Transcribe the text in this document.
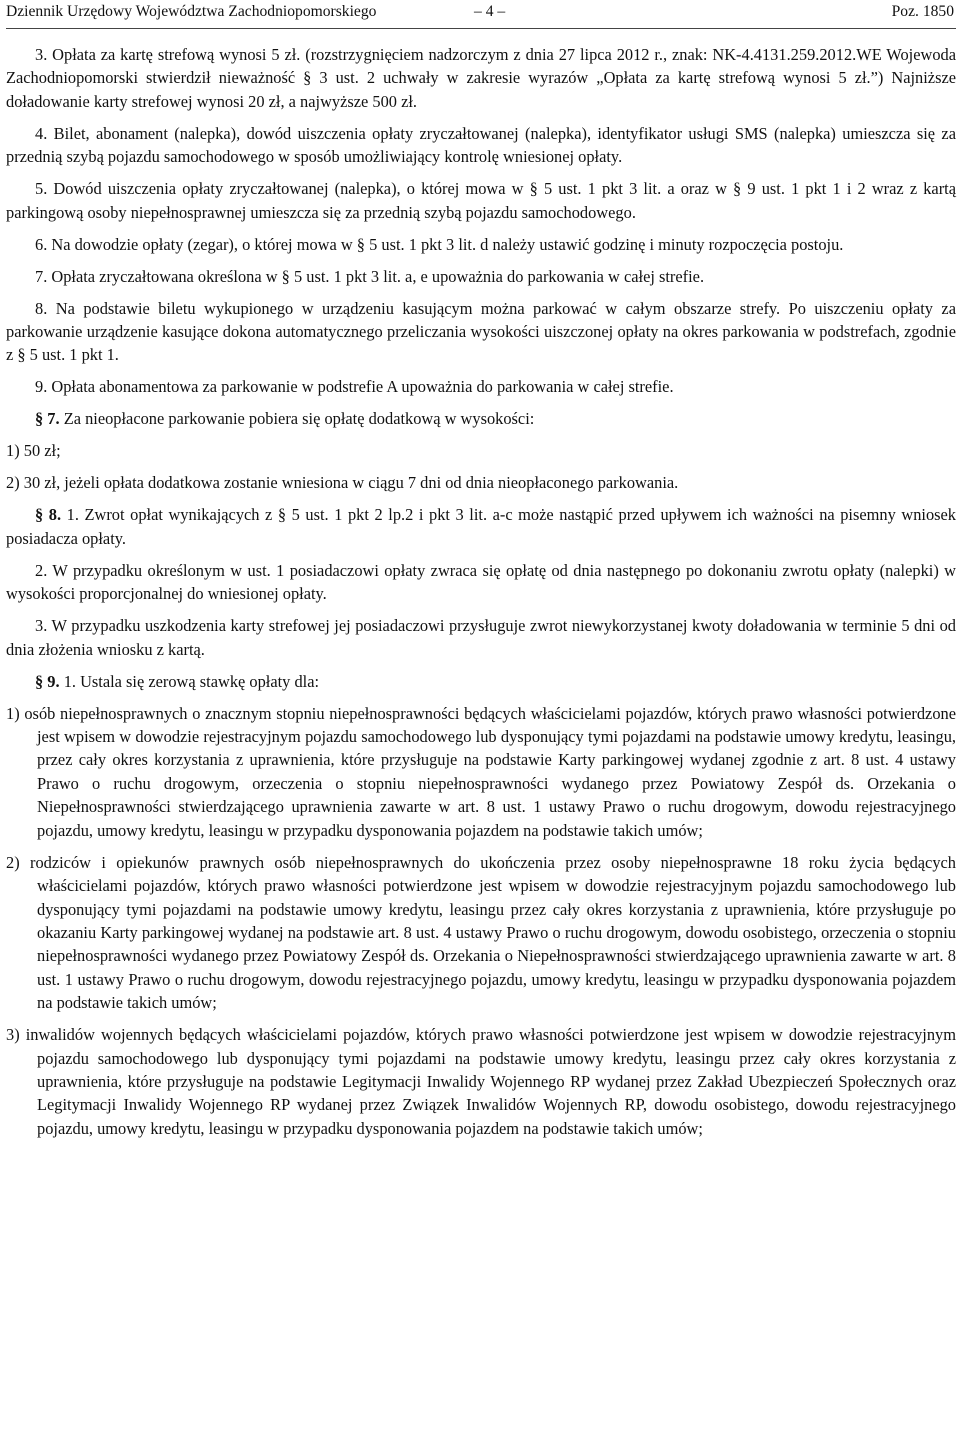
Dziennik Urzędowy Województwa Zachodniopomorskiego	– 4 –	Poz. 1850

3. Opłata za kartę strefową wynosi 5 zł. (rozstrzygnięciem nadzorczym z dnia 27 lipca 2012 r., znak: NK-4.4131.259.2012.WE Wojewoda Zachodniopomorski stwierdził nieważność § 3 ust. 2 uchwały w zakresie wyrazów „Opłata za kartę strefową wynosi 5 zł.”) Najniższe doładowanie karty strefowej wynosi 20 zł, a najwyższe 500 zł.

4. Bilet, abonament (nalepka), dowód uiszczenia opłaty zryczałtowanej (nalepka), identyfikator usługi SMS (nalepka) umieszcza się za przednią szybą pojazdu samochodowego w sposób umożliwiający kontrolę wniesionej opłaty.

5. Dowód uiszczenia opłaty zryczałtowanej (nalepka), o której mowa w § 5 ust. 1 pkt 3 lit. a oraz w § 9 ust. 1 pkt 1 i 2 wraz z kartą parkingową osoby niepełnosprawnej umieszcza się za przednią szybą pojazdu samochodowego.

6. Na dowodzie opłaty (zegar), o której mowa w § 5 ust. 1 pkt 3 lit. d należy ustawić godzinę i minuty rozpoczęcia postoju.

7. Opłata zryczałtowana określona w § 5 ust. 1 pkt 3 lit. a, e upoważnia do parkowania w całej strefie.

8. Na podstawie biletu wykupionego w urządzeniu kasującym można parkować w całym obszarze strefy. Po uiszczeniu opłaty za parkowanie urządzenie kasujące dokona automatycznego przeliczania wysokości uiszczonej opłaty na okres parkowania w podstrefach, zgodnie z § 5 ust. 1 pkt 1.

9. Opłata abonamentowa za parkowanie w podstrefie A upoważnia do parkowania w całej strefie.

§ 7. Za nieopłacone parkowanie pobiera się opłatę dodatkową w wysokości:

1) 50 zł;

2) 30 zł, jeżeli opłata dodatkowa zostanie wniesiona w ciągu 7 dni od dnia nieopłaconego parkowania.

§ 8. 1. Zwrot opłat wynikających z § 5 ust. 1 pkt 2 lp.2 i pkt 3 lit. a-c może nastąpić przed upływem ich ważności na pisemny wniosek posiadacza opłaty.

2. W przypadku określonym w ust. 1 posiadaczowi opłaty zwraca się opłatę od dnia następnego po dokonaniu zwrotu opłaty (nalepki) w wysokości proporcjonalnej do wniesionej opłaty.

3. W przypadku uszkodzenia karty strefowej jej posiadaczowi przysługuje zwrot niewykorzystanej kwoty doładowania w terminie 5 dni od dnia złożenia wniosku z kartą.

§ 9. 1. Ustala się zerową stawkę opłaty dla:

1) osób niepełnosprawnych o znacznym stopniu niepełnosprawności będących właścicielami pojazdów, których prawo własności potwierdzone jest wpisem w dowodzie rejestracyjnym pojazdu samochodowego lub dysponujący tymi pojazdami na podstawie umowy kredytu, leasingu, przez cały okres korzystania z uprawnienia, które przysługuje na podstawie Karty parkingowej wydanej zgodnie z art. 8 ust. 4 ustawy Prawo o ruchu drogowym, orzeczenia o stopniu niepełnosprawności wydanego przez Powiatowy Zespół ds. Orzekania o Niepełnosprawności stwierdzającego uprawnienia zawarte w art. 8 ust. 1 ustawy Prawo o ruchu drogowym, dowodu rejestracyjnego pojazdu, umowy kredytu, leasingu w przypadku dysponowania pojazdem na podstawie takich umów;

2) rodziców i opiekunów prawnych osób niepełnosprawnych do ukończenia przez osoby niepełnosprawne 18 roku życia będących właścicielami pojazdów, których prawo własności potwierdzone jest wpisem w dowodzie rejestracyjnym pojazdu samochodowego lub dysponujący tymi pojazdami na podstawie umowy kredytu, leasingu przez cały okres korzystania z uprawnienia, które przysługuje po okazaniu Karty parkingowej wydanej na podstawie art. 8 ust. 4 ustawy Prawo o ruchu drogowym, dowodu osobistego, orzeczenia o stopniu niepełnosprawności wydanego przez Powiatowy Zespół ds. Orzekania o Niepełnosprawności stwierdzającego uprawnienia zawarte w art. 8 ust. 1 ustawy Prawo o ruchu drogowym, dowodu rejestracyjnego pojazdu, umowy kredytu, leasingu w przypadku dysponowania pojazdem na podstawie takich umów;

3) inwalidów wojennych będących właścicielami pojazdów, których prawo własności potwierdzone jest wpisem w dowodzie rejestracyjnym pojazdu samochodowego lub dysponujący tymi pojazdami na podstawie umowy kredytu, leasingu przez cały okres korzystania z uprawnienia, które przysługuje na podstawie Legitymacji Inwalidy Wojennego RP wydanej przez Zakład Ubezpieczeń Społecznych oraz Legitymacji Inwalidy Wojennego RP wydanej przez Związek Inwalidów Wojennych RP, dowodu osobistego, dowodu rejestracyjnego pojazdu, umowy kredytu, leasingu w przypadku dysponowania pojazdem na podstawie takich umów;
